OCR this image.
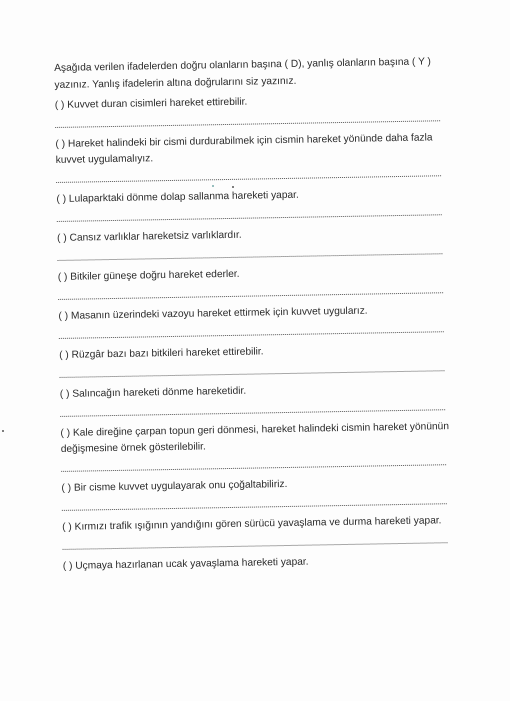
Aşağıda verilen ifadelerden doğru olanların başına ( D), yanlış olanların başına ( Y ) yazınız. Yanlış ifadelerin altına doğrularını siz yazınız.

( ) Kuvvet duran cisimleri hareket ettirebilir.

( ) Hareket halindeki bir cismi durdurabilmek için cismin hareket yönünde daha fazla kuvvet uygulamalıyız.

( ) Lulaparktaki dönme dolap sallanma hareketi yapar.

( ) Cansız varlıklar hareketsiz varlıklardır.

( ) Bitkiler güneşe doğru hareket ederler.

( ) Masanın üzerindeki vazoyu hareket ettirmek için kuvvet uygularız.

( ) Rüzgâr bazı bazı bitkileri hareket ettirebilir.

( ) Salıncağın hareketi dönme hareketidir.

( ) Kale direğine çarpan topun geri dönmesi, hareket halindeki cismin hareket yönünün değişmesine örnek gösterilebilir.

( ) Bir cisme kuvvet uygulayarak onu çoğaltabiliriz.

( ) Kırmızı trafik ışığının yandığını gören sürücü yavaşlama ve durma hareketi yapar.

( ) Uçmaya hazırlanan ucak yavaşlama hareketi yapar.
